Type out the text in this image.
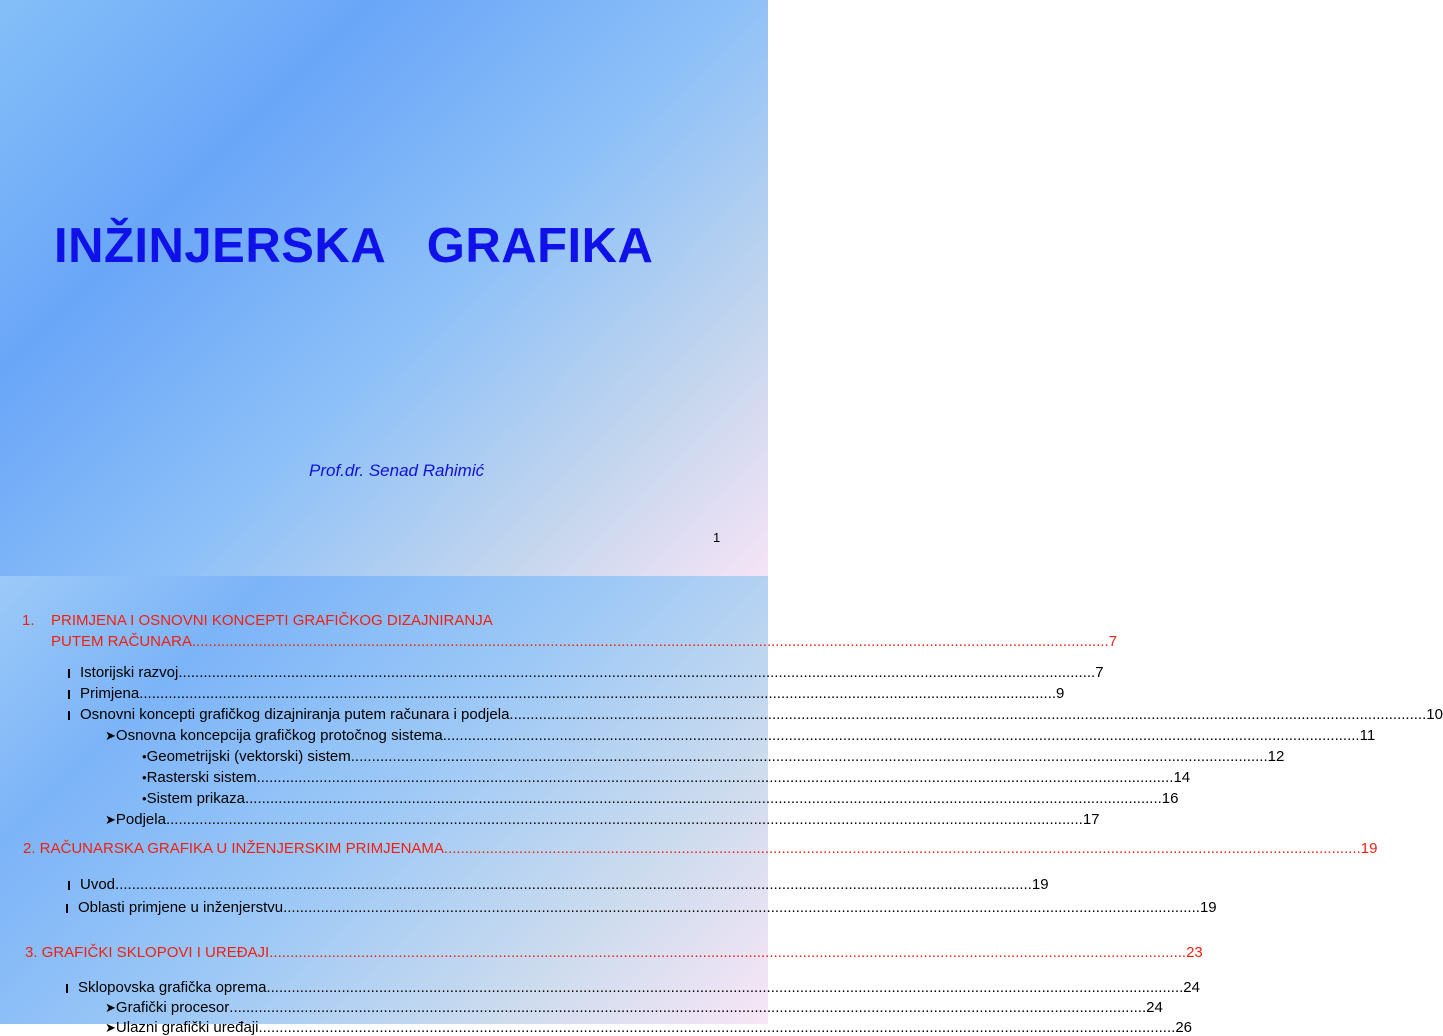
INŽINJERSKA   GRAFIKA
Prof.dr. Senad Rahimić
1
1. PRIMJENA I OSNOVNI KONCEPTI GRAFIČKOG DIZAJNIRANJA
PUTEM RAČUNARA ............................................................................................................................................................................................................................ 7
Istorijski razvoj ............................................................................................................................................................................................................................ 7
Primjena ............................................................................................................................................................................................................................ 9
Osnovni koncepti grafičkog dizajniranja putem računara i podjela ............................................................................................................................................................................................................................ 10
➤ Osnovna koncepcija grafičkog protočnog sistema ............................................................................................................................................................................................................................ 11
• Geometrijski (vektorski) sistem ............................................................................................................................................................................................................................ 12
• Rasterski sistem ............................................................................................................................................................................................................................ 14
• Sistem prikaza ............................................................................................................................................................................................................................ 16
➤ Podjela ............................................................................................................................................................................................................................ 17
2. RAČUNARSKA GRAFIKA U INŽENJERSKIM PRIMJENAMA ............................................................................................................................................................................................................................ 19
Uvod ............................................................................................................................................................................................................................ 19
Oblasti primjene u inženjerstvu ............................................................................................................................................................................................................................ 19
3. GRAFIČKI SKLOPOVI I UREĐAJI ............................................................................................................................................................................................................................ 23
Sklopovska grafička oprema ............................................................................................................................................................................................................................ 24
➤ Grafički procesor ............................................................................................................................................................................................................................ 24
➤ Ulazni grafički uređaji ............................................................................................................................................................................................................................ 26
